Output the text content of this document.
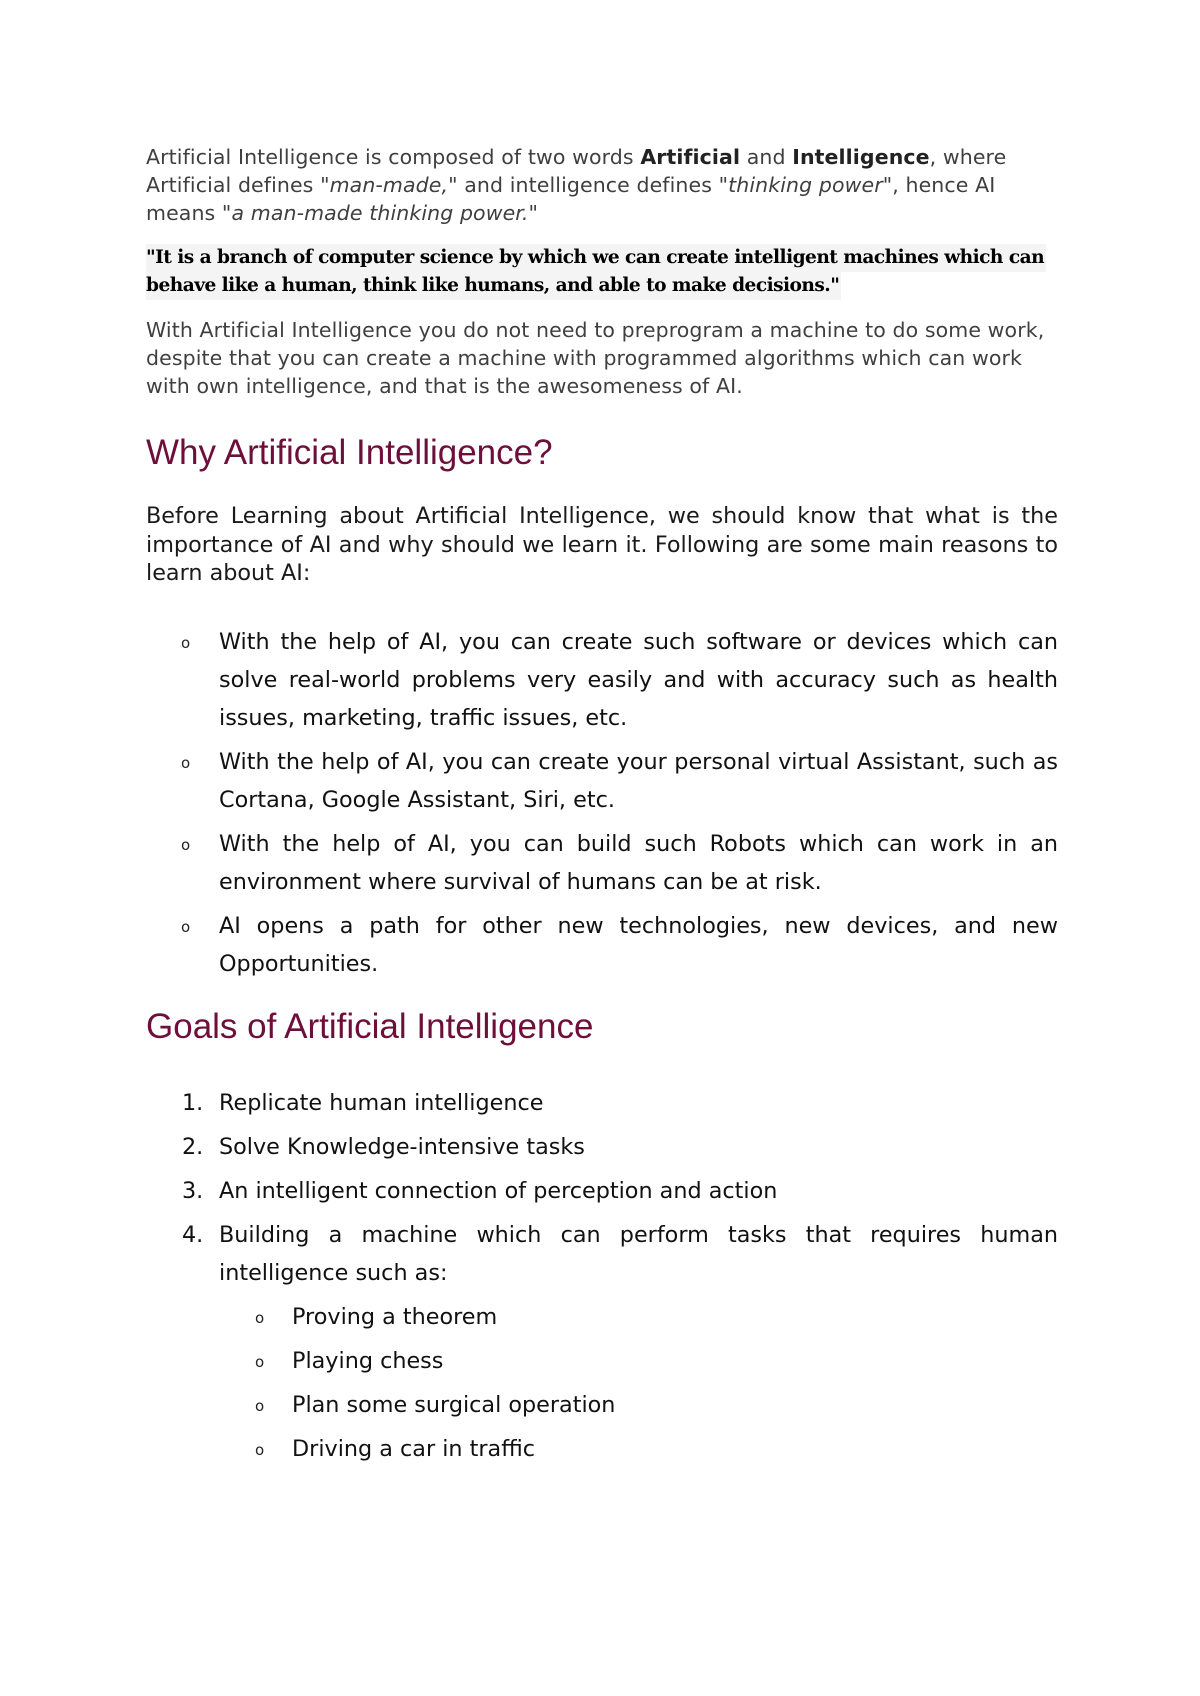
Artificial Intelligence is composed of two words Artificial and Intelligence, where Artificial defines "man-made," and intelligence defines "thinking power", hence AI means "a man-made thinking power."

"It is a branch of computer science by which we can create intelligent machines which can
behave like a human, think like humans, and able to make decisions."

With Artificial Intelligence you do not need to preprogram a machine to do some work, despite that you can create a machine with programmed algorithms which can work with own intelligence, and that is the awesomeness of AI.

Why Artificial Intelligence?

Before Learning about Artificial Intelligence, we should know that what is the importance of AI and why should we learn it. Following are some main reasons to learn about AI:

o With the help of AI, you can create such software or devices which can solve real-world problems very easily and with accuracy such as health issues, marketing, traffic issues, etc.
o With the help of AI, you can create your personal virtual Assistant, such as Cortana, Google Assistant, Siri, etc.
o With the help of AI, you can build such Robots which can work in an environment where survival of humans can be at risk.
o AI opens a path for other new technologies, new devices, and new Opportunities.
Goals of Artificial Intelligence
1. Replicate human intelligence
2. Solve Knowledge-intensive tasks
3. An intelligent connection of perception and action
4. Building a machine which can perform tasks that requires human intelligence such as:
o Proving a theorem
o Playing chess
o Plan some surgical operation
o Driving a car in traffic
